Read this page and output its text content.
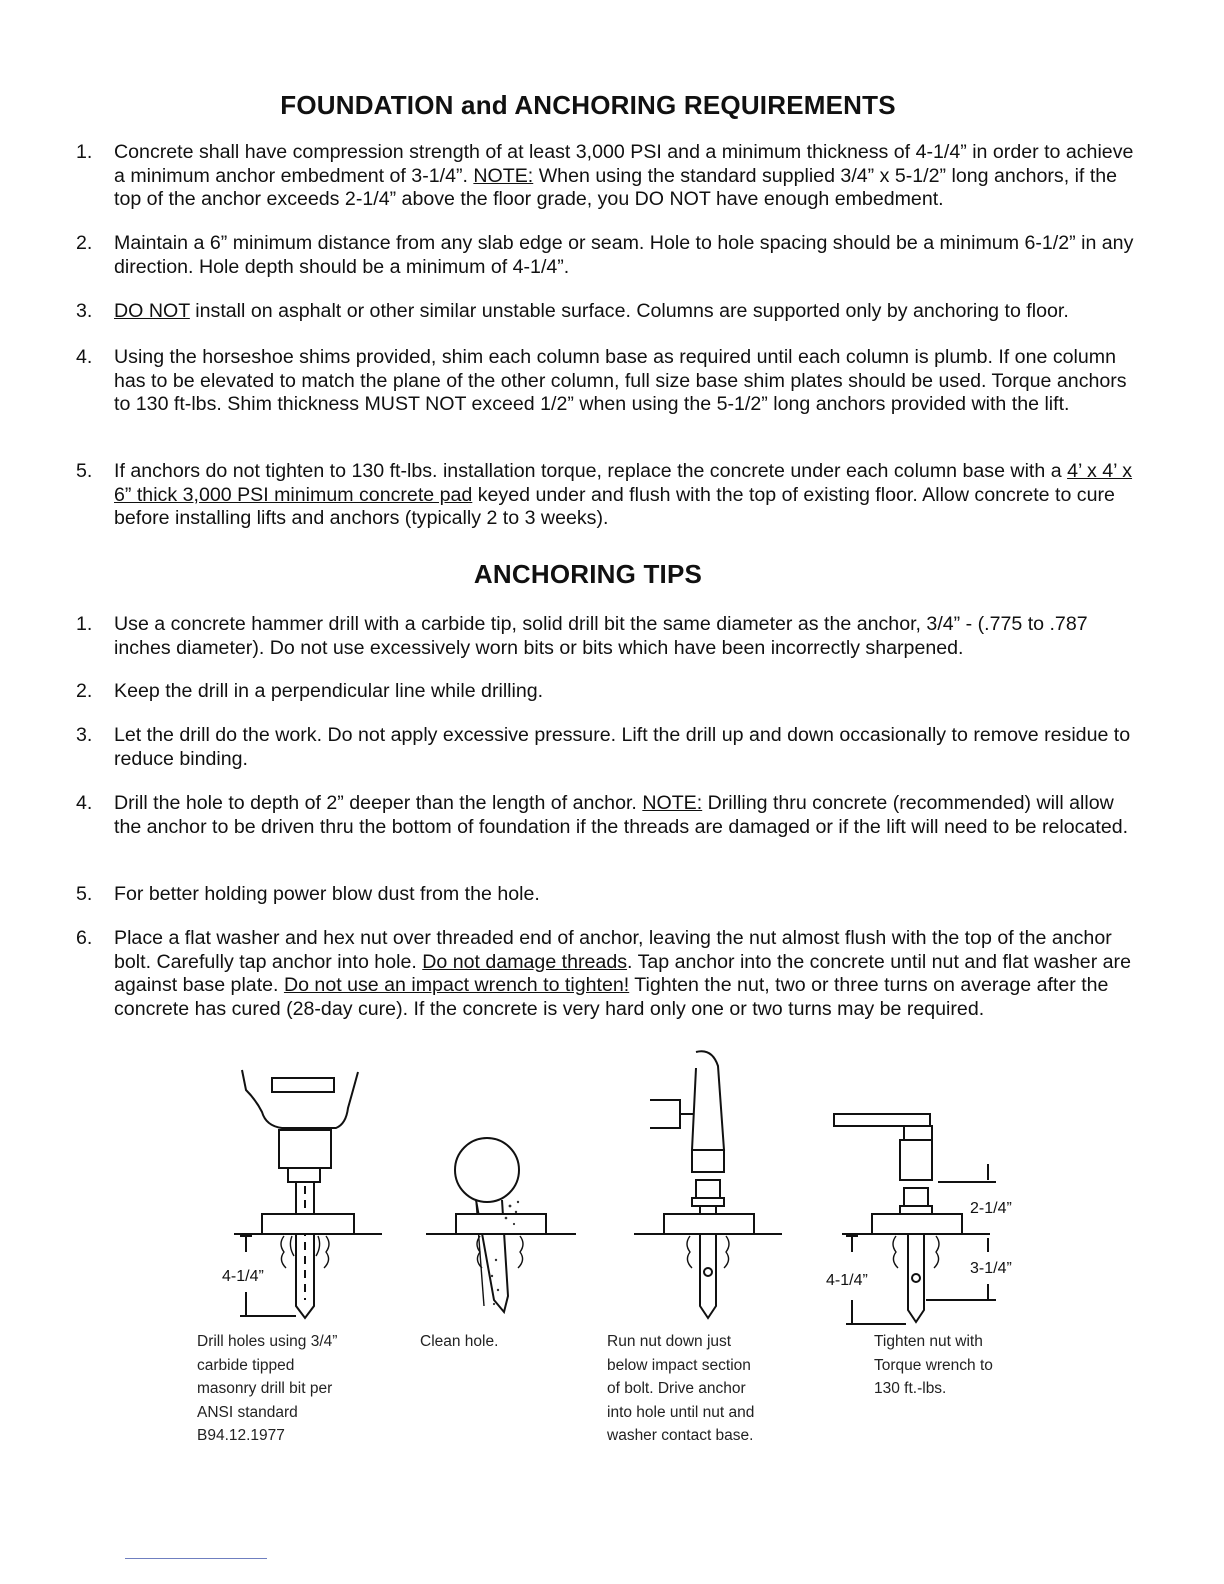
FOUNDATION and ANCHORING REQUIREMENTS
1. Concrete shall have compression strength of at least 3,000 PSI and a minimum thickness of 4-1/4” in order to achieve a minimum anchor embedment of 3-1/4”. NOTE: When using the standard supplied 3/4” x 5-1/2” long anchors, if the top of the anchor exceeds 2-1/4” above the floor grade, you DO NOT have enough embedment.
2. Maintain a 6” minimum distance from any slab edge or seam. Hole to hole spacing should be a minimum 6-1/2” in any direction. Hole depth should be a minimum of 4-1/4”.
3. DO NOT install on asphalt or other similar unstable surface. Columns are supported only by anchoring to floor.
4. Using the horseshoe shims provided, shim each column base as required until each column is plumb. If one column has to be elevated to match the plane of the other column, full size base shim plates should be used. Torque anchors to 130 ft-lbs. Shim thickness MUST NOT exceed 1/2” when using the 5-1/2” long anchors provided with the lift.
5. If anchors do not tighten to 130 ft-lbs. installation torque, replace the concrete under each column base with a 4’ x 4’ x 6” thick 3,000 PSI minimum concrete pad keyed under and flush with the top of existing floor. Allow concrete to cure before installing lifts and anchors (typically 2 to 3 weeks).
ANCHORING TIPS
1. Use a concrete hammer drill with a carbide tip, solid drill bit the same diameter as the anchor, 3/4” - (.775 to .787 inches diameter). Do not use excessively worn bits or bits which have been incorrectly sharpened.
2. Keep the drill in a perpendicular line while drilling.
3. Let the drill do the work. Do not apply excessive pressure. Lift the drill up and down occasionally to remove residue to reduce binding.
4. Drill the hole to depth of 2” deeper than the length of anchor. NOTE: Drilling thru concrete (recommended) will allow the anchor to be driven thru the bottom of foundation if the threads are damaged or if the lift will need to be relocated.
5. For better holding power blow dust from the hole.
6. Place a flat washer and hex nut over threaded end of anchor, leaving the nut almost flush with the top of the anchor bolt. Carefully tap anchor into hole. Do not damage threads. Tap anchor into the concrete until nut and flat washer are against base plate. Do not use an impact wrench to tighten! Tighten the nut, two or three turns on average after the concrete has cured (28-day cure). If the concrete is very hard only one or two turns may be required.
4-1/4”
2-1/4”
3-1/4”
4-1/4”
Drill holes using 3/4”
carbide tipped
masonry drill bit per
ANSI standard
B94.12.1977
Clean hole.	Run nut down just
below impact section
of bolt. Drive anchor
into hole until nut and
washer contact base.
Tighten nut with
Torque wrench to
130 ft.-lbs.
